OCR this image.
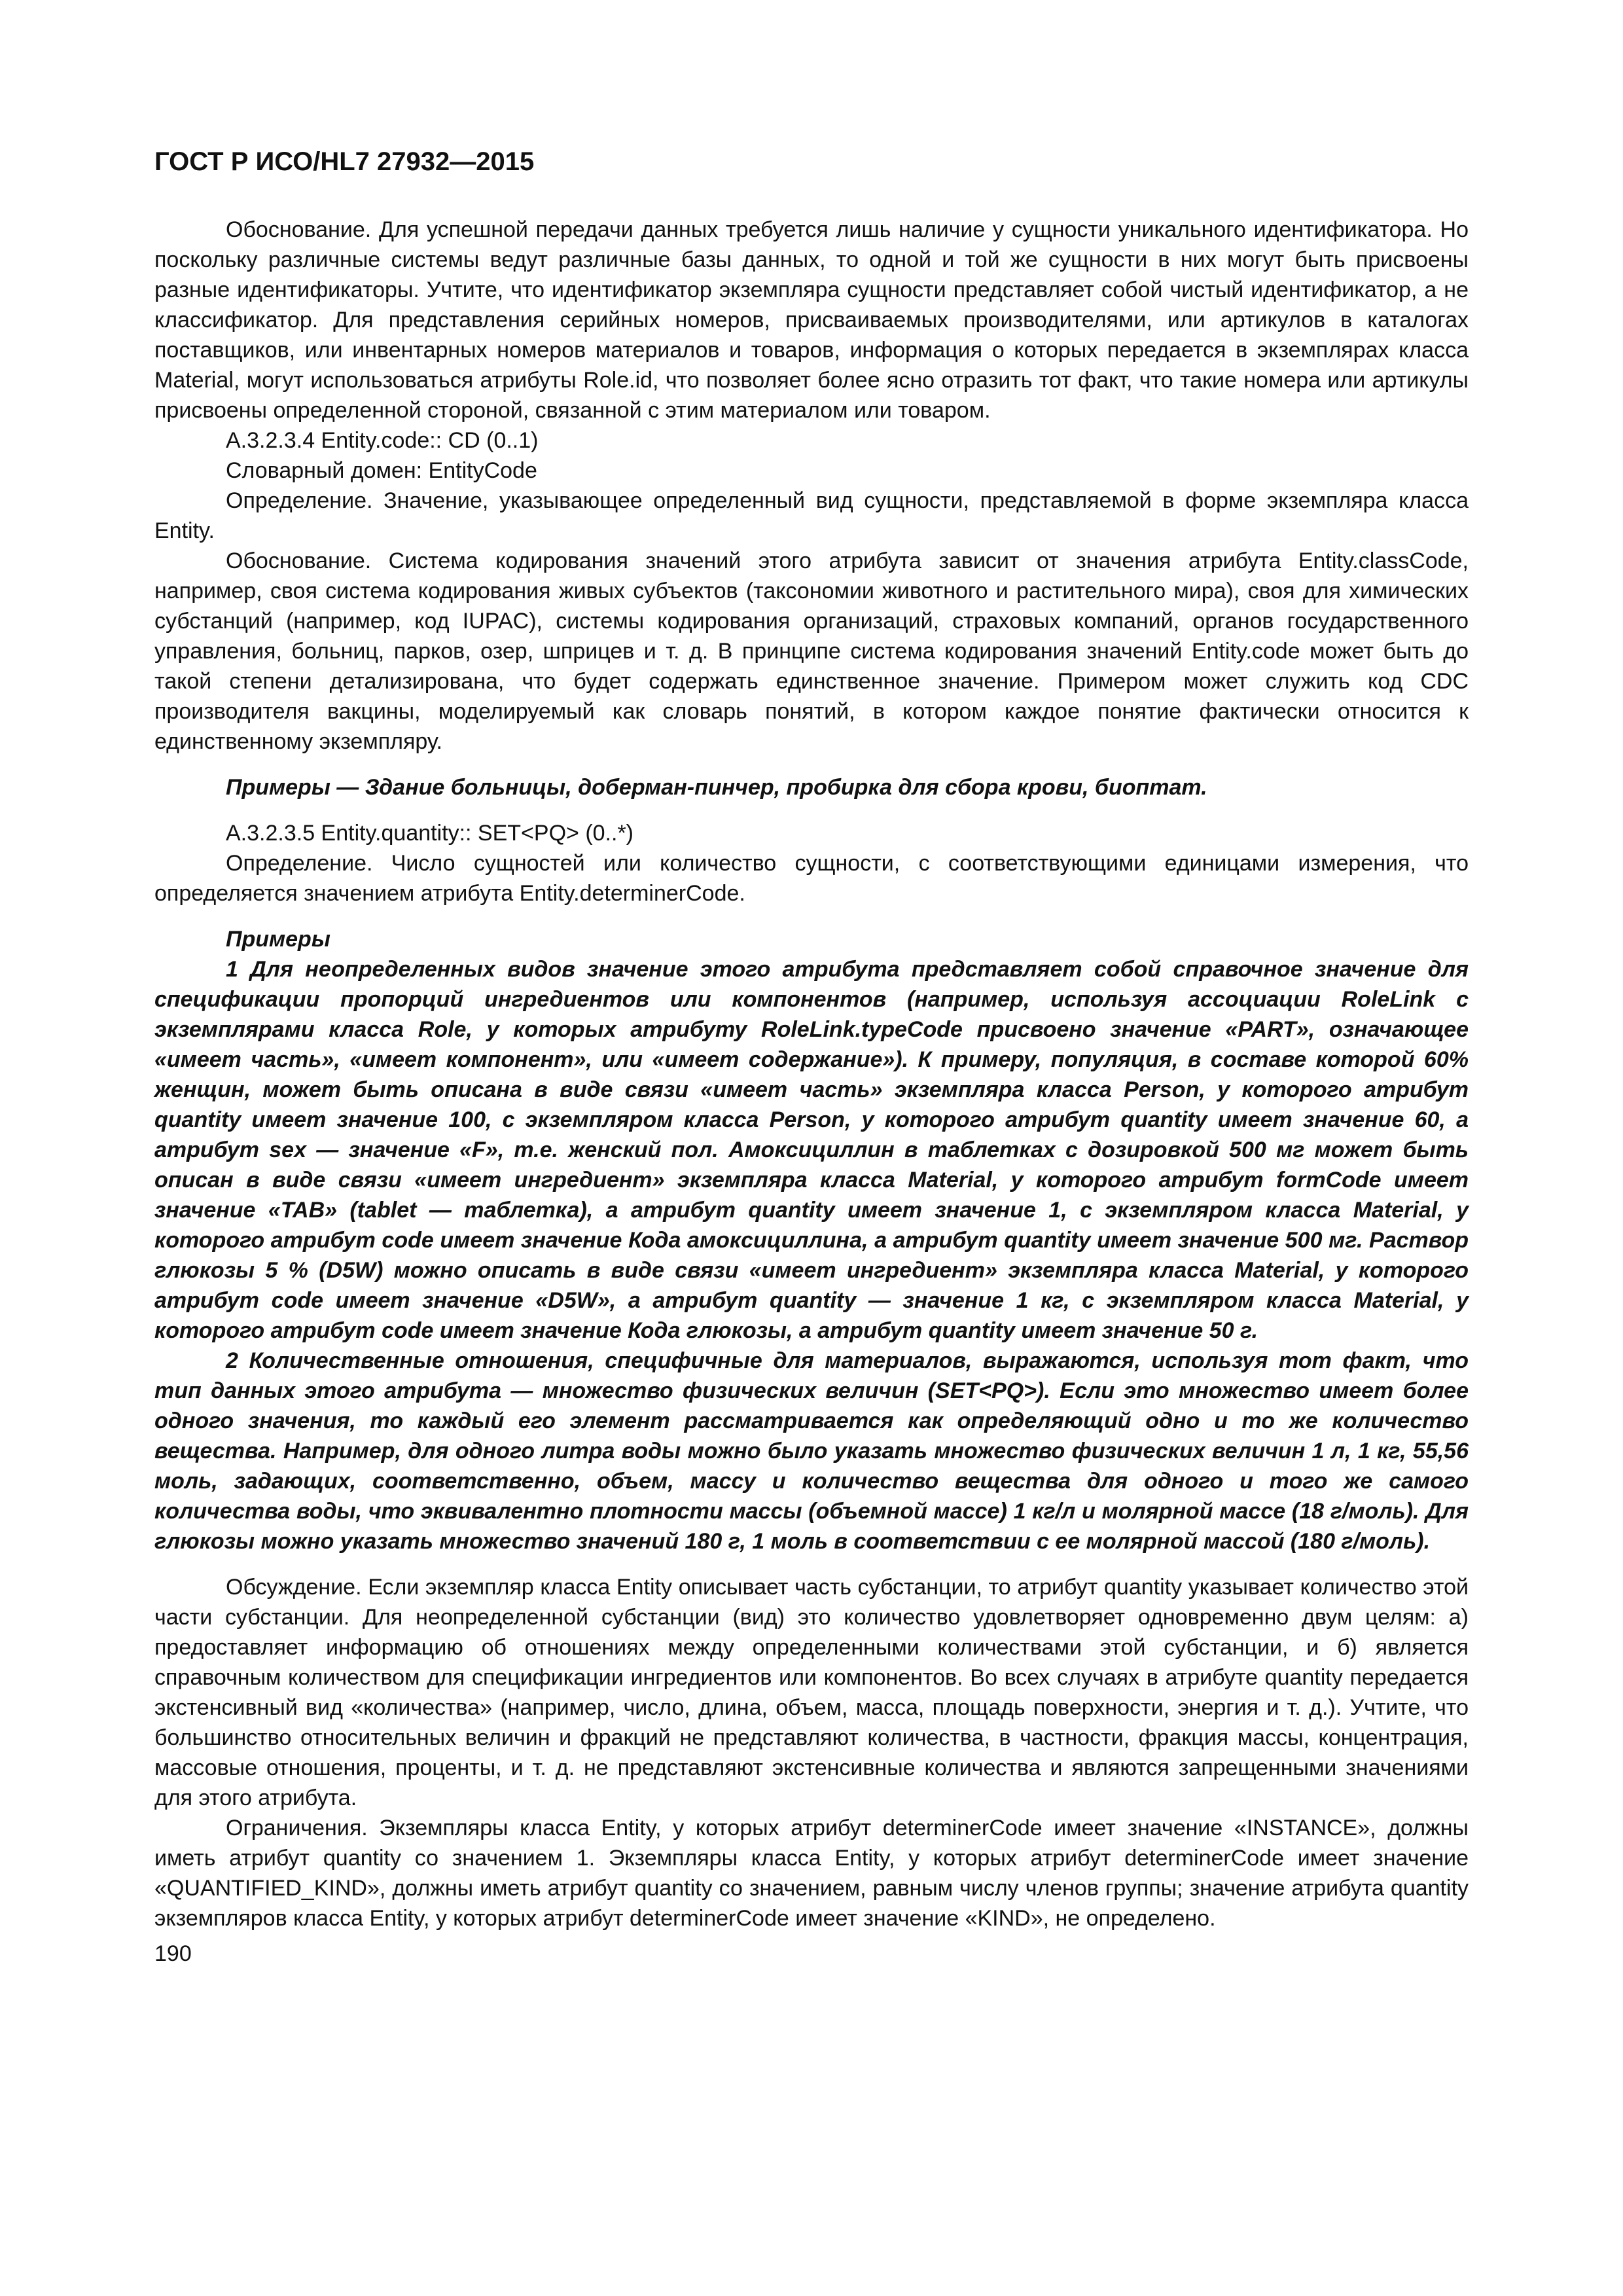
ГОСТ Р ИСО/HL7 27932—2015

Обоснование. Для успешной передачи данных требуется лишь наличие у сущности уникального идентификатора. Но поскольку различные системы ведут различные базы данных, то одной и той же сущности в них могут быть присвоены разные идентификаторы. Учтите, что идентификатор экземпляра сущности представляет собой чистый идентификатор, а не классификатор. Для представления серийных номеров, присваиваемых производителями, или артикулов в каталогах поставщиков, или инвентарных номеров материалов и товаров, информация о которых передается в экземплярах класса Material, могут использоваться атрибуты Role.id, что позволяет более ясно отразить тот факт, что такие номера или артикулы присвоены определенной стороной, связанной с этим материалом или товаром.

A.3.2.3.4 Entity.code:: CD (0..1)

Словарный домен: EntityCode

Определение. Значение, указывающее определенный вид сущности, представляемой в форме экземпляра класса Entity.

Обоснование. Система кодирования значений этого атрибута зависит от значения атрибута Entity.classCode, например, своя система кодирования живых субъектов (таксономии животного и растительного мира), своя для химических субстанций (например, код IUPAC), системы кодирования организаций, страховых компаний, органов государственного управления, больниц, парков, озер, шприцев и т. д. В принципе система кодирования значений Entity.code может быть до такой степени детализирована, что будет содержать единственное значение. Примером может служить код CDC производителя вакцины, моделируемый как словарь понятий, в котором каждое понятие фактически относится к единственному экземпляру.

Примеры — Здание больницы, доберман-пинчер, пробирка для сбора крови, биоптат.

A.3.2.3.5 Entity.quantity:: SET<PQ> (0..*)

Определение. Число сущностей или количество сущности, с соответствующими единицами измерения, что определяется значением атрибута Entity.determinerCode.

Примеры

1 Для неопределенных видов значение этого атрибута представляет собой справочное значение для спецификации пропорций ингредиентов или компонентов (например, используя ассоциации RoleLink с экземплярами класса Role, у которых атрибуту RoleLink.typeCode присвоено значение «PART», означающее «имеет часть», «имеет компонент», или «имеет содержание»). К примеру, популяция, в составе которой 60% женщин, может быть описана в виде связи «имеет часть» экземпляра класса Person, у которого атрибут quantity имеет значение 100, с экземпляром класса Person, у которого атрибут quantity имеет значение 60, а атрибут sex — значение «F», т.е. женский пол. Амоксициллин в таблетках с дозировкой 500 мг может быть описан в виде связи «имеет ингредиент» экземпляра класса Material, у которого атрибут formCode имеет значение «TAB» (tablet — таблетка), а атрибут quantity имеет значение 1, с экземпляром класса Material, у которого атрибут code имеет значение Кода амоксициллина, а атрибут quantity имеет значение 500 мг. Раствор глюкозы 5 % (D5W) можно описать в виде связи «имеет ингредиент» экземпляра класса Material, у которого атрибут code имеет значение «D5W», а атрибут quantity — значение 1 кг, с экземпляром класса Material, у которого атрибут code имеет значение Кода глюкозы, а атрибут quantity имеет значение 50 г.

2 Количественные отношения, специфичные для материалов, выражаются, используя тот факт, что тип данных этого атрибута — множество физических величин (SET<PQ>). Если это множество имеет более одного значения, то каждый его элемент рассматривается как определяющий одно и то же количество вещества. Например, для одного литра воды можно было указать множество физических величин 1 л, 1 кг, 55,56 моль, задающих, соответственно, объем, массу и количество вещества для одного и того же самого количества воды, что эквивалентно плотности массы (объемной массе) 1 кг/л и молярной массе (18 г/моль). Для глюкозы можно указать множество значений 180 г, 1 моль в соответствии с ее молярной массой (180 г/моль).

Обсуждение. Если экземпляр класса Entity описывает часть субстанции, то атрибут quantity указывает количество этой части субстанции. Для неопределенной субстанции (вид) это количество удовлетворяет одновременно двум целям: а) предоставляет информацию об отношениях между определенными количествами этой субстанции, и б) является справочным количеством для спецификации ингредиентов или компонентов. Во всех случаях в атрибуте quantity передается экстенсивный вид «количества» (например, число, длина, объем, масса, площадь поверхности, энергия и т. д.). Учтите, что большинство относительных величин и фракций не представляют количества, в частности, фракция массы, концентрация, массовые отношения, проценты, и т. д. не представляют экстенсивные количества и являются запрещенными значениями для этого атрибута.

Ограничения. Экземпляры класса Entity, у которых атрибут determinerCode имеет значение «INSTANCE», должны иметь атрибут quantity со значением 1. Экземпляры класса Entity, у которых атрибут determinerCode имеет значение «QUANTIFIED_KIND», должны иметь атрибут quantity со значением, равным числу членов группы; значение атрибута quantity экземпляров класса Entity, у которых атрибут determinerCode имеет значение «KIND», не определено.

190
